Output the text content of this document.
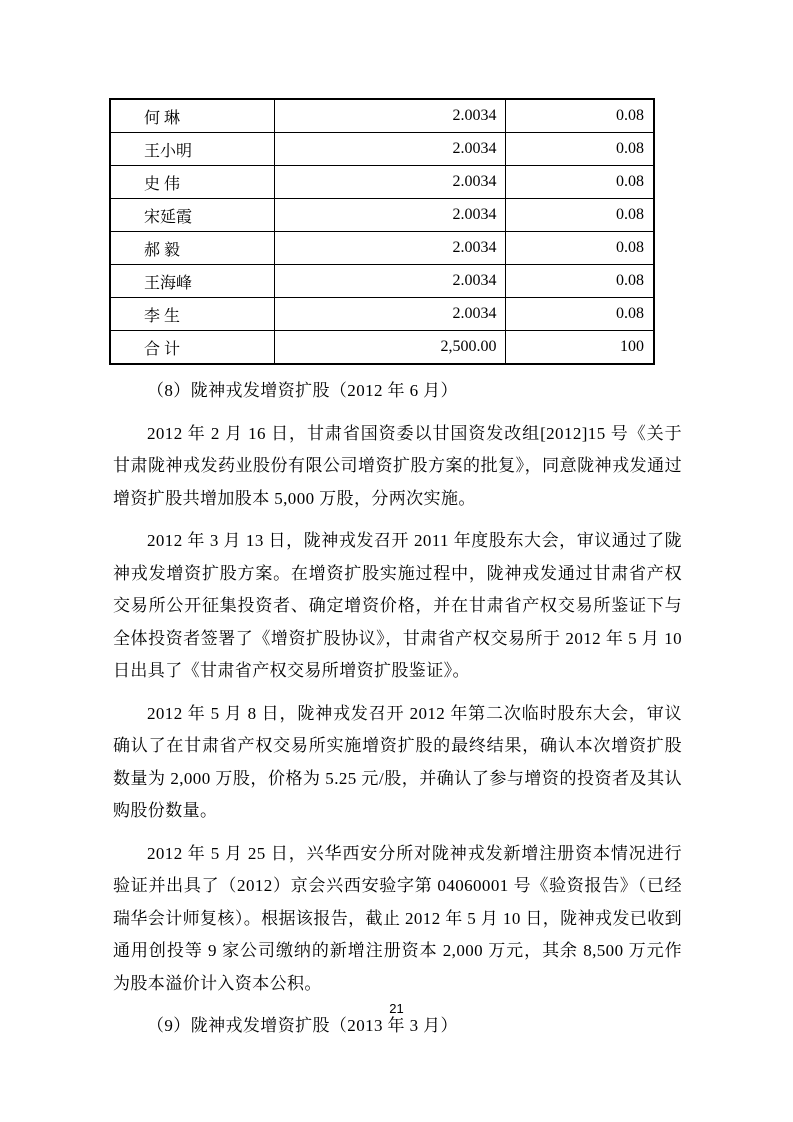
何 琳	2.0034	0.08
王小明	2.0034	0.08
史 伟	2.0034	0.08
宋延霞	2.0034	0.08
郝 毅	2.0034	0.08
王海峰	2.0034	0.08
李 生	2.0034	0.08
合 计	2,500.00	100

（8）陇神戎发增资扩股（2012 年 6 月）

2012 年 2 月 16 日，甘肃省国资委以甘国资发改组[2012]15 号《关于甘肃陇神戎发药业股份有限公司增资扩股方案的批复》，同意陇神戎发通过增资扩股共增加股本 5,000 万股，分两次实施。

2012 年 3 月 13 日，陇神戎发召开 2011 年度股东大会，审议通过了陇神戎发增资扩股方案。在增资扩股实施过程中，陇神戎发通过甘肃省产权交易所公开征集投资者、确定增资价格，并在甘肃省产权交易所鉴证下与全体投资者签署了《增资扩股协议》，甘肃省产权交易所于 2012 年 5 月 10 日出具了《甘肃省产权交易所增资扩股鉴证》。

2012 年 5 月 8 日，陇神戎发召开 2012 年第二次临时股东大会，审议确认了在甘肃省产权交易所实施增资扩股的最终结果，确认本次增资扩股数量为 2,000 万股，价格为 5.25 元/股，并确认了参与增资的投资者及其认购股份数量。

2012 年 5 月 25 日，兴华西安分所对陇神戎发新增注册资本情况进行验证并出具了（2012）京会兴西安验字第 04060001 号《验资报告》（已经瑞华会计师复核）。根据该报告，截止 2012 年 5 月 10 日，陇神戎发已收到通用创投等 9 家公司缴纳的新增注册资本 2,000 万元，其余 8,500 万元作为股本溢价计入资本公积。

（9）陇神戎发增资扩股（2013 年 3 月）

21
